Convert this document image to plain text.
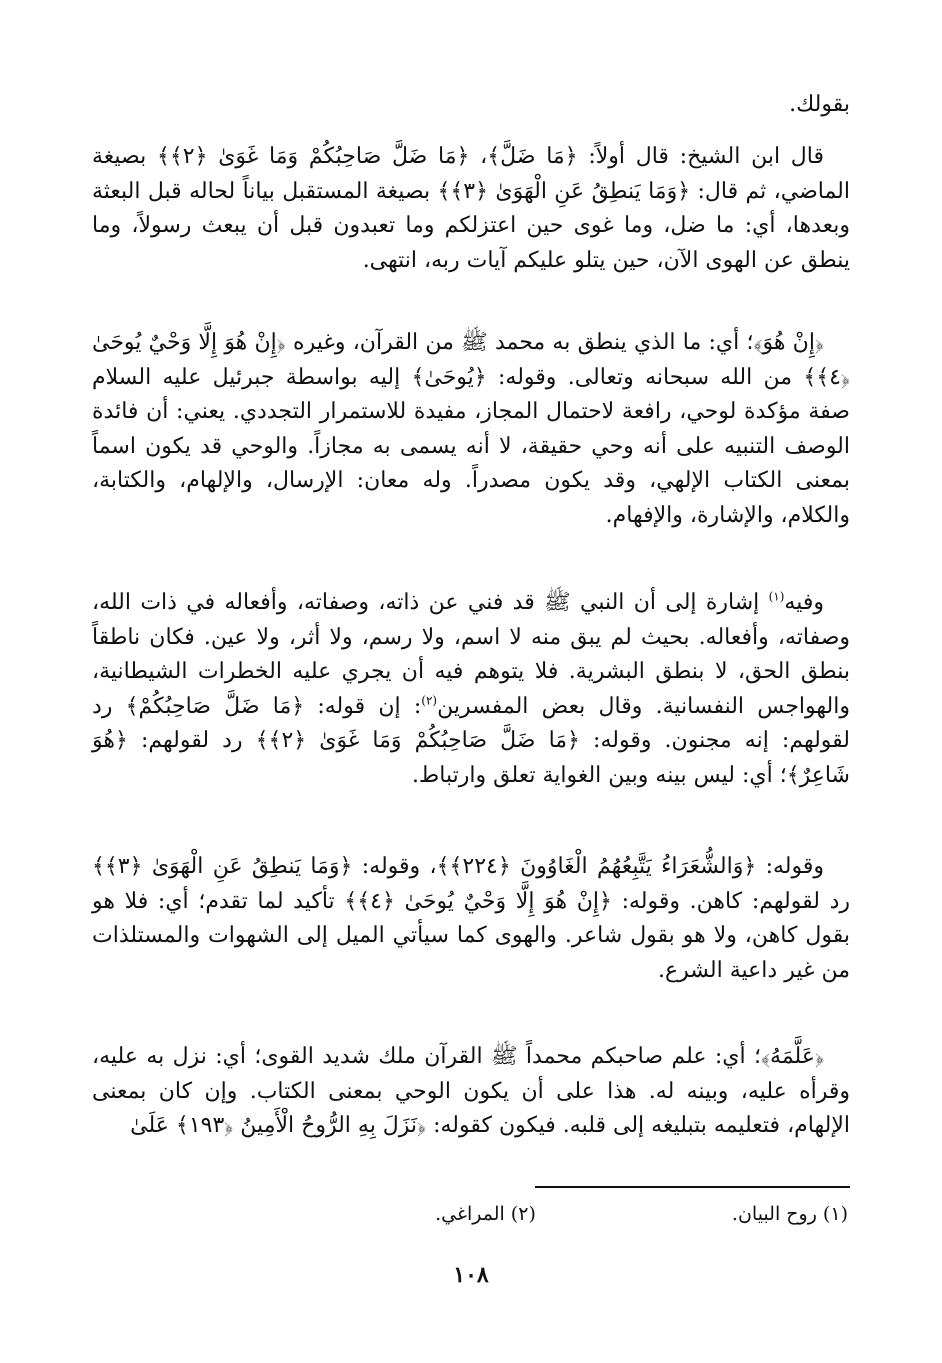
بقولك.

قال ابن الشيخ: قال أولاً: ﴿مَا ضَلَّ﴾، ﴿مَا ضَلَّ صَاحِبُكُمْ وَمَا غَوَىٰ ﴿٢﴾﴾ بصيغة الماضي، ثم قال: ﴿وَمَا يَنطِقُ عَنِ الْهَوَىٰ ﴿٣﴾﴾ بصيغة المستقبل بياناً لحاله قبل البعثة وبعدها، أي: ما ضل، وما غوى حين اعتزلكم وما تعبدون قبل أن يبعث رسولاً، وما ينطق عن الهوى الآن، حين يتلو عليكم آيات ربه، انتهى.

﴿إِنْ هُوَ﴾؛ أي: ما الذي ينطق به محمد ﷺ من القرآن، وغيره ﴿إِنْ هُوَ إِلَّا وَحْيٌ يُوحَىٰ ﴿٤﴾﴾ من الله سبحانه وتعالى. وقوله: ﴿يُوحَىٰ﴾ إليه بواسطة جبرئيل عليه السلام صفة مؤكدة لوحي، رافعة لاحتمال المجاز، مفيدة للاستمرار التجددي. يعني: أن فائدة الوصف التنبيه على أنه وحي حقيقة، لا أنه يسمى به مجازاً. والوحي قد يكون اسماً بمعنى الكتاب الإلهي، وقد يكون مصدراً. وله معان: الإرسال، والإلهام، والكتابة، والكلام، والإشارة، والإفهام.

وفيه$^{(١)}$ إشارة إلى أن النبي ﷺ قد فني عن ذاته، وصفاته، وأفعاله في ذات الله، وصفاته، وأفعاله. بحيث لم يبق منه لا اسم، ولا رسم، ولا أثر، ولا عين. فكان ناطقاً بنطق الحق، لا بنطق البشرية. فلا يتوهم فيه أن يجري عليه الخطرات الشيطانية، والهواجس النفسانية. وقال بعض المفسرين$^{(٢)}$: إن قوله: ﴿مَا ضَلَّ صَاحِبُكُمْ﴾ رد لقولهم: إنه مجنون. وقوله: ﴿مَا ضَلَّ صَاحِبُكُمْ وَمَا غَوَىٰ ﴿٢﴾﴾ رد لقولهم: ﴿هُوَ شَاعِرٌ﴾؛ أي: ليس بينه وبين الغواية تعلق وارتباط.

وقوله: ﴿وَالشُّعَرَاءُ يَتَّبِعُهُمُ الْغَاوُونَ ﴿٢٢٤﴾﴾، وقوله: ﴿وَمَا يَنطِقُ عَنِ الْهَوَىٰ ﴿٣﴾﴾ رد لقولهم: كاهن. وقوله: ﴿إِنْ هُوَ إِلَّا وَحْيٌ يُوحَىٰ ﴿٤﴾﴾ تأكيد لما تقدم؛ أي: فلا هو بقول كاهن، ولا هو بقول شاعر. والهوى كما سيأتي الميل إلى الشهوات والمستلذات من غير داعية الشرع.

﴿عَلَّمَهُ﴾؛ أي: علم صاحبكم محمداً ﷺ القرآن ملك شديد القوى؛ أي: نزل به عليه، وقرأه عليه، وبينه له. هذا على أن يكون الوحي بمعنى الكتاب. وإن كان بمعنى الإلهام، فتعليمه بتبليغه إلى قلبه. فيكون كقوله: ﴿نَزَلَ بِهِ الرُّوحُ الْأَمِينُ ﴿١٩٣﴾ عَلَىٰ

(١) روح البيان. (٢) المراغي.
١٠٨
